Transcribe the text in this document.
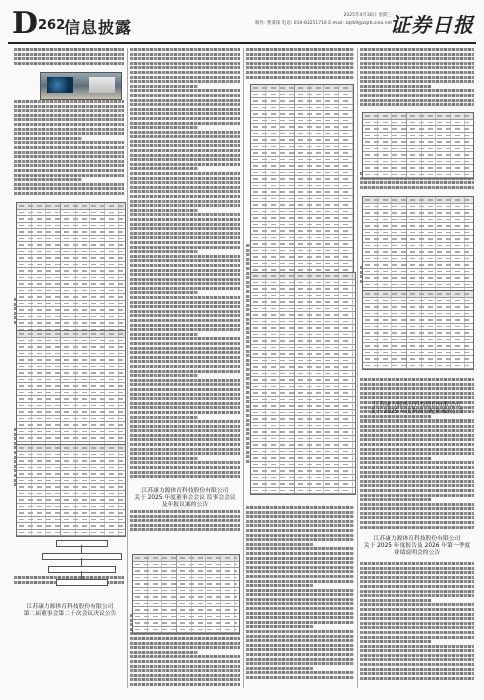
D 262
信息披露
2025年4月30日 星期三
制作: 曹秉琛 电话: 010-83251716 E-mail: zqrb9@zqrb.sina.net
证券日报
江苏康力源体育科技股份有限公司
第二届董事会第二十次会议决议公告
江苏康力源体育科技股份有限公司
关于 2025 年度董事会会议 监事会会议
及年报议案的公告
江苏康力源体育科技股份有限公司
关于 2025 年度利润分配预案的公告
江苏康力源体育科技股份有限公司
关于 2025 年度报告及 2026 年第一季度
业绩说明会的公告
